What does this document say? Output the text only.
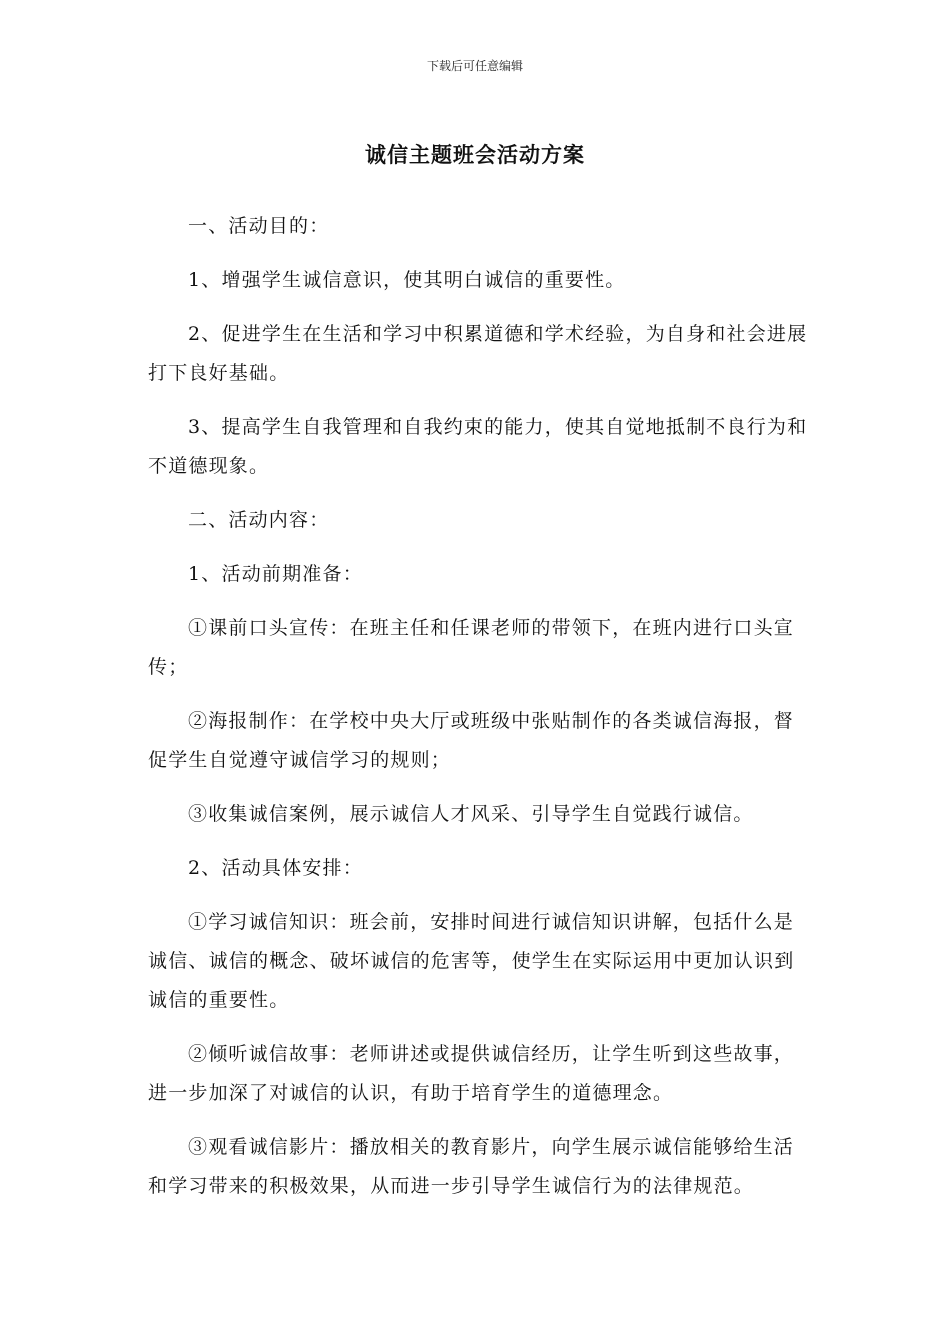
下载后可任意编辑
诚信主题班会活动方案

一、活动目的：

1、增强学生诚信意识，使其明白诚信的重要性。

2、促进学生在生活和学习中积累道德和学术经验，为自身和社会进展打下良好基础。

3、提高学生自我管理和自我约束的能力，使其自觉地抵制不良行为和不道德现象。

二、活动内容：

1、活动前期准备：

①课前口头宣传：在班主任和任课老师的带领下，在班内进行口头宣传；

②海报制作：在学校中央大厅或班级中张贴制作的各类诚信海报，督促学生自觉遵守诚信学习的规则；

③收集诚信案例，展示诚信人才风采、引导学生自觉践行诚信。

2、活动具体安排：

①学习诚信知识：班会前，安排时间进行诚信知识讲解，包括什么是诚信、诚信的概念、破坏诚信的危害等，使学生在实际运用中更加认识到诚信的重要性。

②倾听诚信故事：老师讲述或提供诚信经历，让学生听到这些故事，进一步加深了对诚信的认识，有助于培育学生的道德理念。

③观看诚信影片：播放相关的教育影片，向学生展示诚信能够给生活和学习带来的积极效果，从而进一步引导学生诚信行为的法律规范。
